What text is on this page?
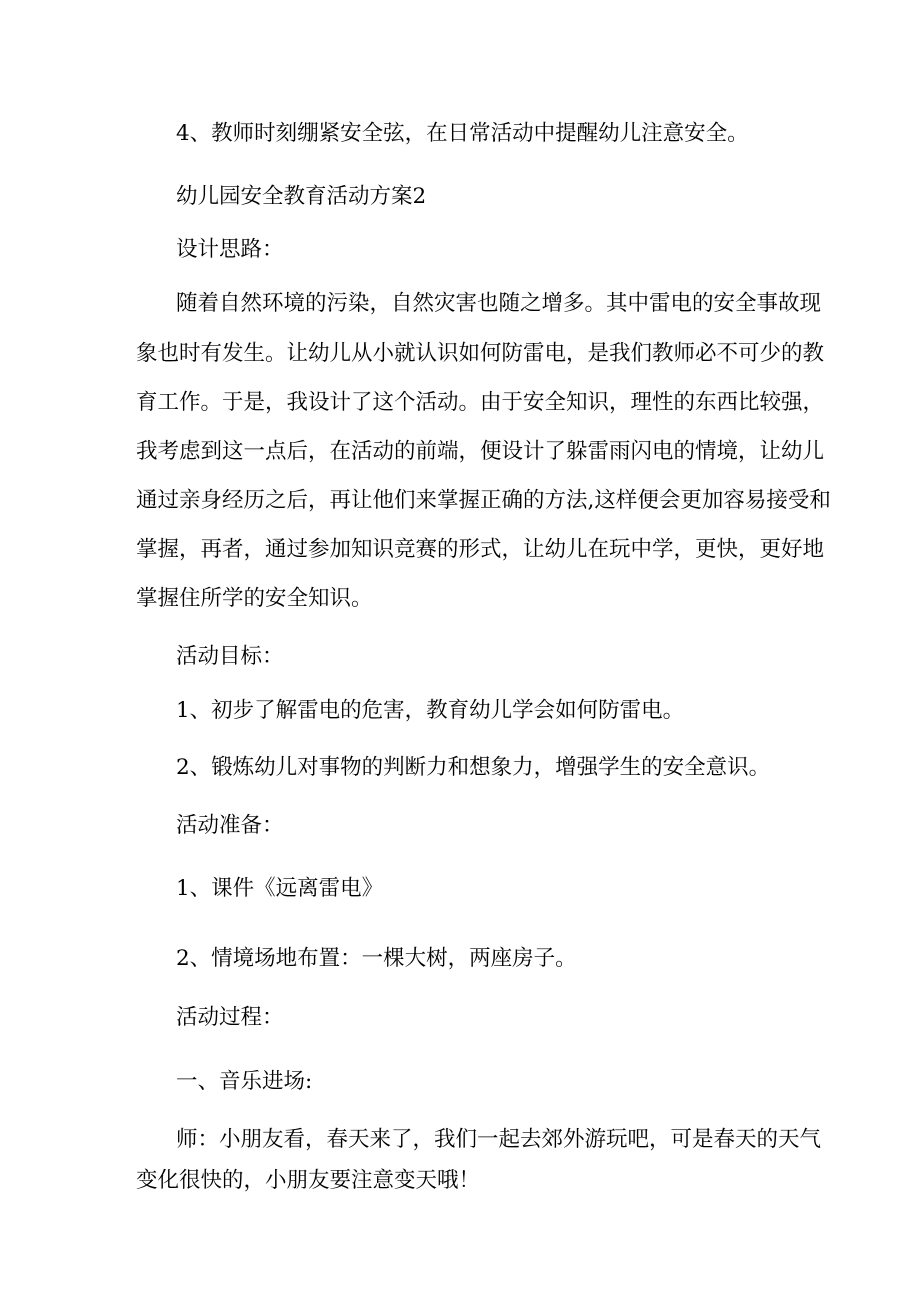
4、教师时刻绷紧安全弦，在日常活动中提醒幼儿注意安全。

幼儿园安全教育活动方案2

设计思路：

随着自然环境的污染，自然灾害也随之增多。其中雷电的安全事故现

象也时有发生。让幼儿从小就认识如何防雷电，是我们教师必不可少的教

育工作。于是，我设计了这个活动。由于安全知识，理性的东西比较强，

我考虑到这一点后，在活动的前端，便设计了躲雷雨闪电的情境，让幼儿

通过亲身经历之后，再让他们来掌握正确的方法,这样便会更加容易接受和

掌握，再者，通过参加知识竞赛的形式，让幼儿在玩中学，更快，更好地

掌握住所学的安全知识。

活动目标：

1、初步了解雷电的危害，教育幼儿学会如何防雷电。

2、锻炼幼儿对事物的判断力和想象力，增强学生的安全意识。

活动准备：

1、课件《远离雷电》

2、情境场地布置：一棵大树，两座房子。

活动过程：

一、音乐进场:

师：小朋友看，春天来了，我们一起去郊外游玩吧，可是春天的天气

变化很快的，小朋友要注意变天哦！
